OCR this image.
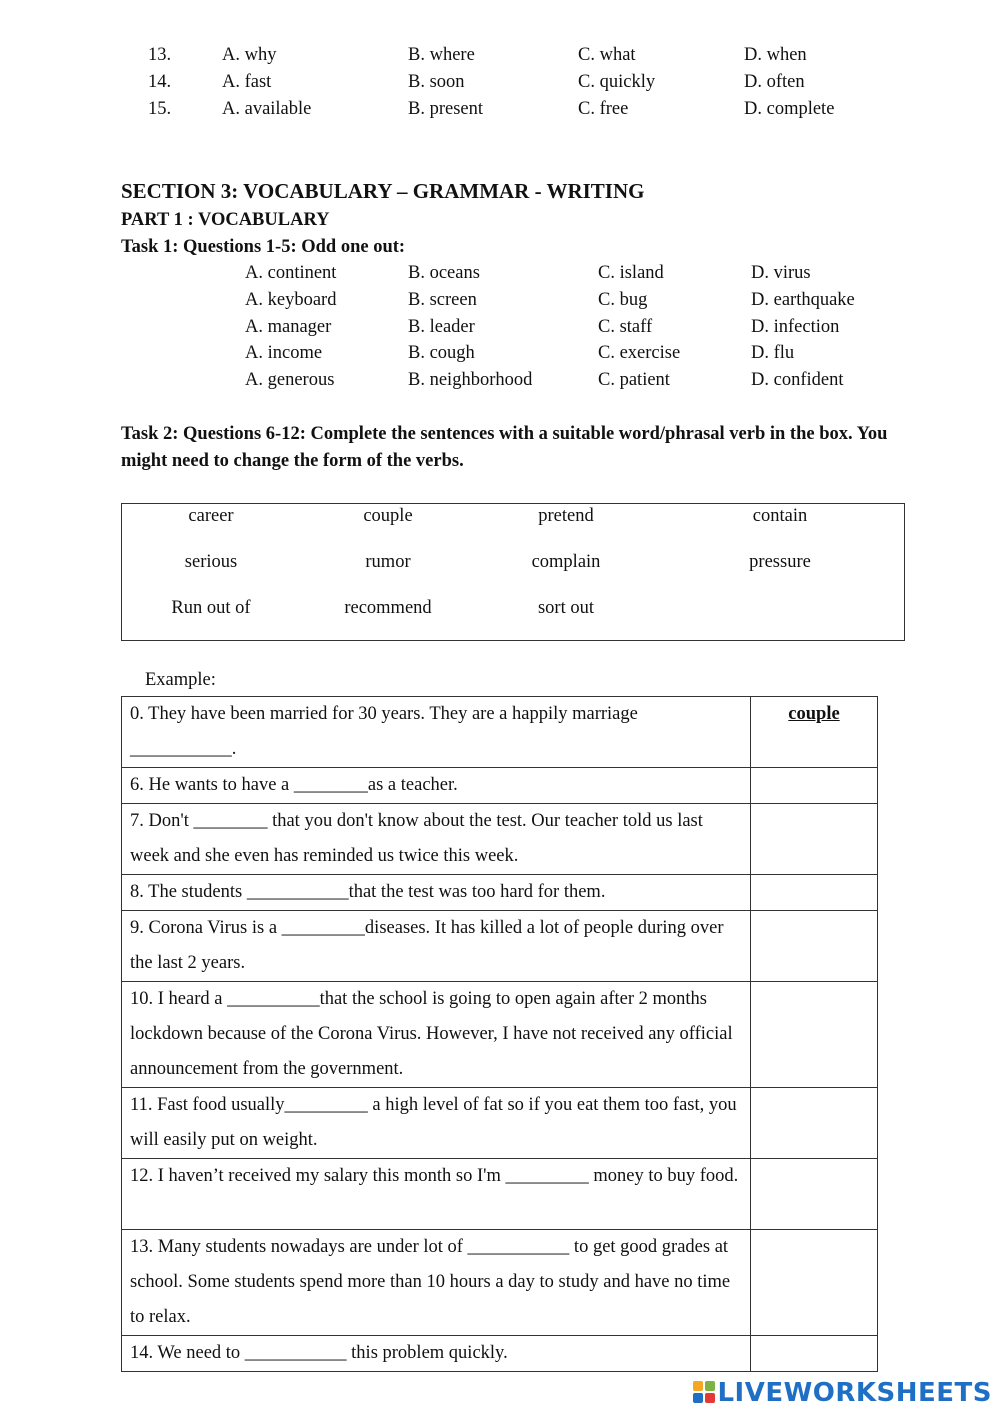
13.	A. why	B. where	C. what	D. when
14.	A. fast	B. soon	C. quickly	D. often
15.	A. available	B. present	C. free	D. complete
SECTION 3: VOCABULARY – GRAMMAR - WRITING
PART 1 : VOCABULARY
Task 1: Questions 1-5: Odd one out:
A. continent	B. oceans	C. island	D. virus
A. keyboard	B. screen	C. bug	D. earthquake
A. manager	B. leader	C. staff	D. infection
A. income	B. cough	C. exercise	D. flu
A. generous	B. neighborhood	C. patient	D. confident
Task 2: Questions 6-12: Complete the sentences with a suitable word/phrasal verb in the box. You might need to change the form of the verbs.
career	couple	pretend	contain
serious	rumor	complain	pressure
Run out of	recommend	sort out
Example:
0. They have been married for 30 years. They are a happily marriage ___________.	couple
6. He wants to have a ________as a teacher.	
7. Don't ________ that you don't know about the test. Our teacher told us last week and she even has reminded us twice this week.	
8. The students ___________that the test was too hard for them.	
9. Corona Virus is a _________diseases. It has killed a lot of people during over the last 2 years.	
10. I heard a __________that the school is going to open again after 2 months lockdown because of the Corona Virus. However, I have not received any official announcement from the government.	
11. Fast food usually_________ a high level of fat so if you eat them too fast, you will easily put on weight.	
12. I haven’t received my salary this month so I'm _________ money to buy food.	
13. Many students nowadays are under lot of ___________ to get good grades at school. Some students spend more than 10 hours a day to study and have no time to relax.	
14. We need to ___________ this problem quickly.	
LIVEWORKSHEETS
